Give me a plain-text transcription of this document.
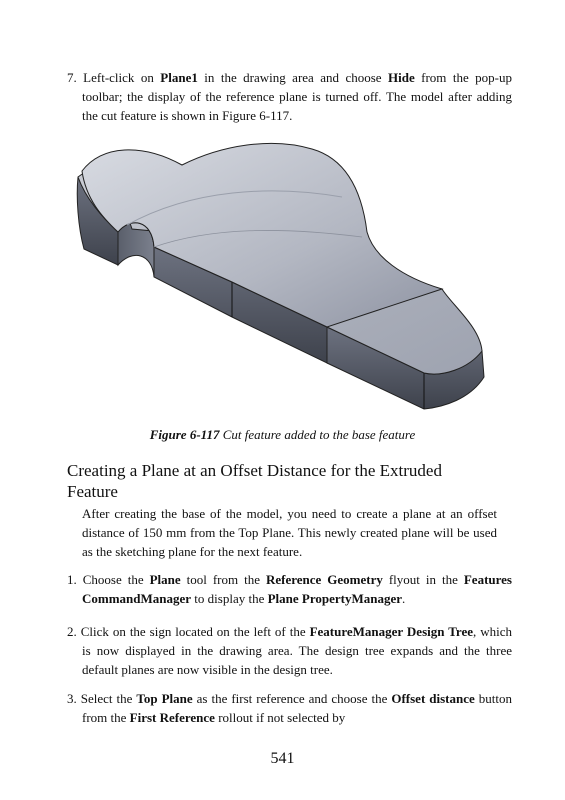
7. Left-click on Plane1 in the drawing area and choose Hide from the pop-up toolbar; the display of the reference plane is turned off. The model after adding the cut feature is shown in Figure 6-117.
Figure 6-117 Cut feature added to the base feature
Creating a Plane at an Offset Distance for the Extruded Feature
After creating the base of the model, you need to create a plane at an offset distance of 150 mm from the Top Plane. This newly created plane will be used as the sketching plane for the next feature.
1. Choose the Plane tool from the Reference Geometry flyout in the Features CommandManager to display the Plane PropertyManager.
2. Click on the sign located on the left of the FeatureManager Design Tree, which is now displayed in the drawing area. The design tree expands and the three default planes are now visible in the design tree.
3. Select the Top Plane as the first reference and choose the Offset distance button from the First Reference rollout if not selected by
541
